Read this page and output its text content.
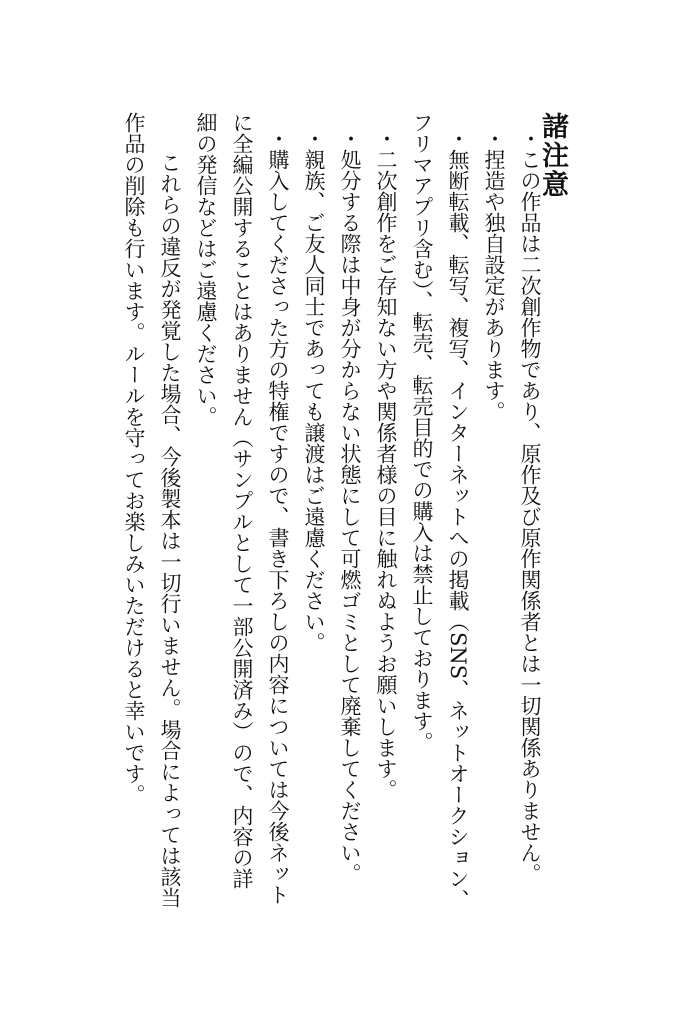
諸注意
・この作品は二次創作物であり、原作及び原作関係者とは一切関係ありません。
・捏造や独自設定があります。
・無断転載、転写、複写、インターネットへの掲載（SNS、ネットオークション、
フリマアプリ含む）、転売、転売目的での購入は禁止しております。
・二次創作をご存知ない方や関係者様の目に触れぬようお願いします。
・処分する際は中身が分からない状態にして可燃ゴミとして廃棄してください。
・親族、ご友人同士であっても譲渡はご遠慮ください。
・購入してくださった方の特権ですので、書き下ろしの内容については今後ネット
に全編公開することはありません（サンプルとして一部公開済み）ので、内容の詳
細の発信などはご遠慮ください。
これらの違反が発覚した場合、今後製本は一切行いません。場合によっては該当
作品の削除も行います。ルールを守ってお楽しみいただけると幸いです。
